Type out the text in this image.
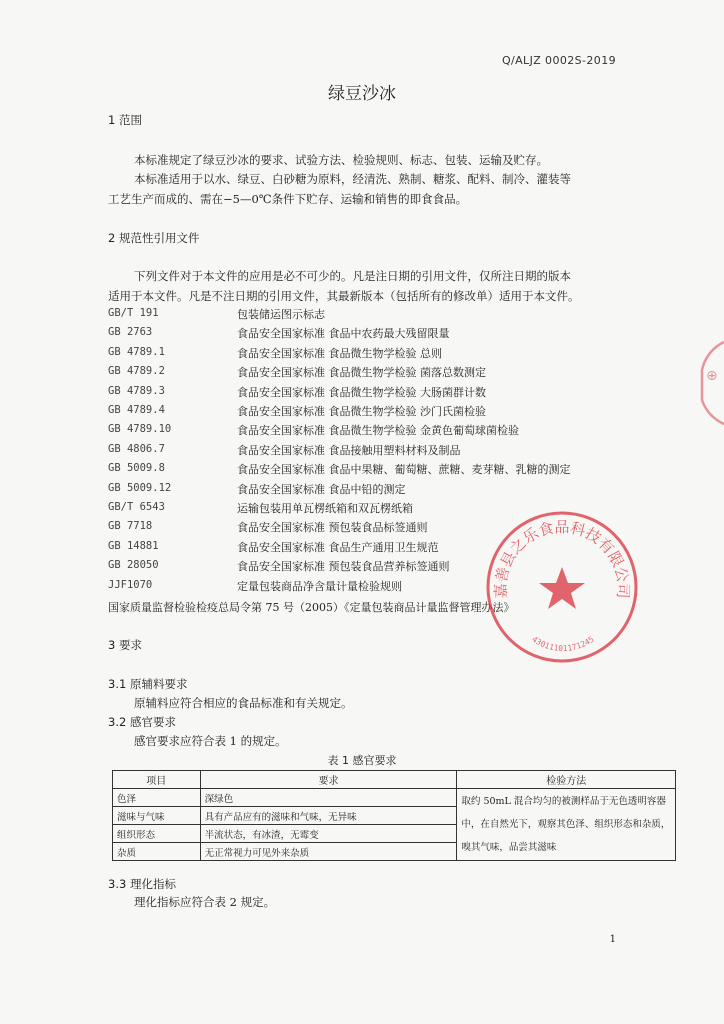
Q/ALJZ 0002S-2019
绿豆沙冰
1 范围
本标准规定了绿豆沙冰的要求、试验方法、检验规则、标志、包装、运输及贮存。
本标准适用于以水、绿豆、白砂糖为原料，经清洗、熟制、糖浆、配料、制冷、灌装等
工艺生产而成的、需在−5—0℃条件下贮存、运输和销售的即食食品。
2 规范性引用文件
下列文件对于本文件的应用是必不可少的。凡是注日期的引用文件，仅所注日期的版本
适用于本文件。凡是不注日期的引用文件，其最新版本（包括所有的修改单）适用于本文件。
GB/T 191	包装储运图示标志
GB 2763	食品安全国家标准 食品中农药最大残留限量
GB 4789.1	食品安全国家标准 食品微生物学检验 总则
GB 4789.2	食品安全国家标准 食品微生物学检验 菌落总数测定
GB 4789.3	食品安全国家标准 食品微生物学检验 大肠菌群计数
GB 4789.4	食品安全国家标准 食品微生物学检验 沙门氏菌检验
GB 4789.10	食品安全国家标准 食品微生物学检验 金黄色葡萄球菌检验
GB 4806.7	食品安全国家标准 食品接触用塑料材料及制品
GB 5009.8	食品安全国家标准 食品中果糖、葡萄糖、蔗糖、麦芽糖、乳糖的测定
GB 5009.12	食品安全国家标准 食品中铅的测定
GB/T 6543	运输包装用单瓦楞纸箱和双瓦楞纸箱
GB 7718	食品安全国家标准 预包装食品标签通则
GB 14881	食品安全国家标准 食品生产通用卫生规范
GB 28050	食品安全国家标准 预包装食品营养标签通则
JJF1070	定量包装商品净含量计量检验规则
国家质量监督检验检疫总局令第 75 号（2005）《定量包装商品计量监督管理办法》
3 要求
3.1 原辅料要求
原辅料应符合相应的食品标准和有关规定。
3.2 感官要求
感官要求应符合表 1 的规定。
表 1 感官要求
项目	要求	检验方法
色泽	深绿色	取约 50mL 混合均匀的被测样品于无色透明容器中，在自然光下，观察其色泽、组织形态和杂质，嗅其气味，品尝其滋味
滋味与气味	具有产品应有的滋味和气味，无异味	
组织形态	半流状态，有冰渣，无霉变	
杂质	无正常视力可见外来杂质	
3.3 理化指标
理化指标应符合表 2 规定。
1
嘉善县之乐食品科技有限公司
43011101171245
⊕
